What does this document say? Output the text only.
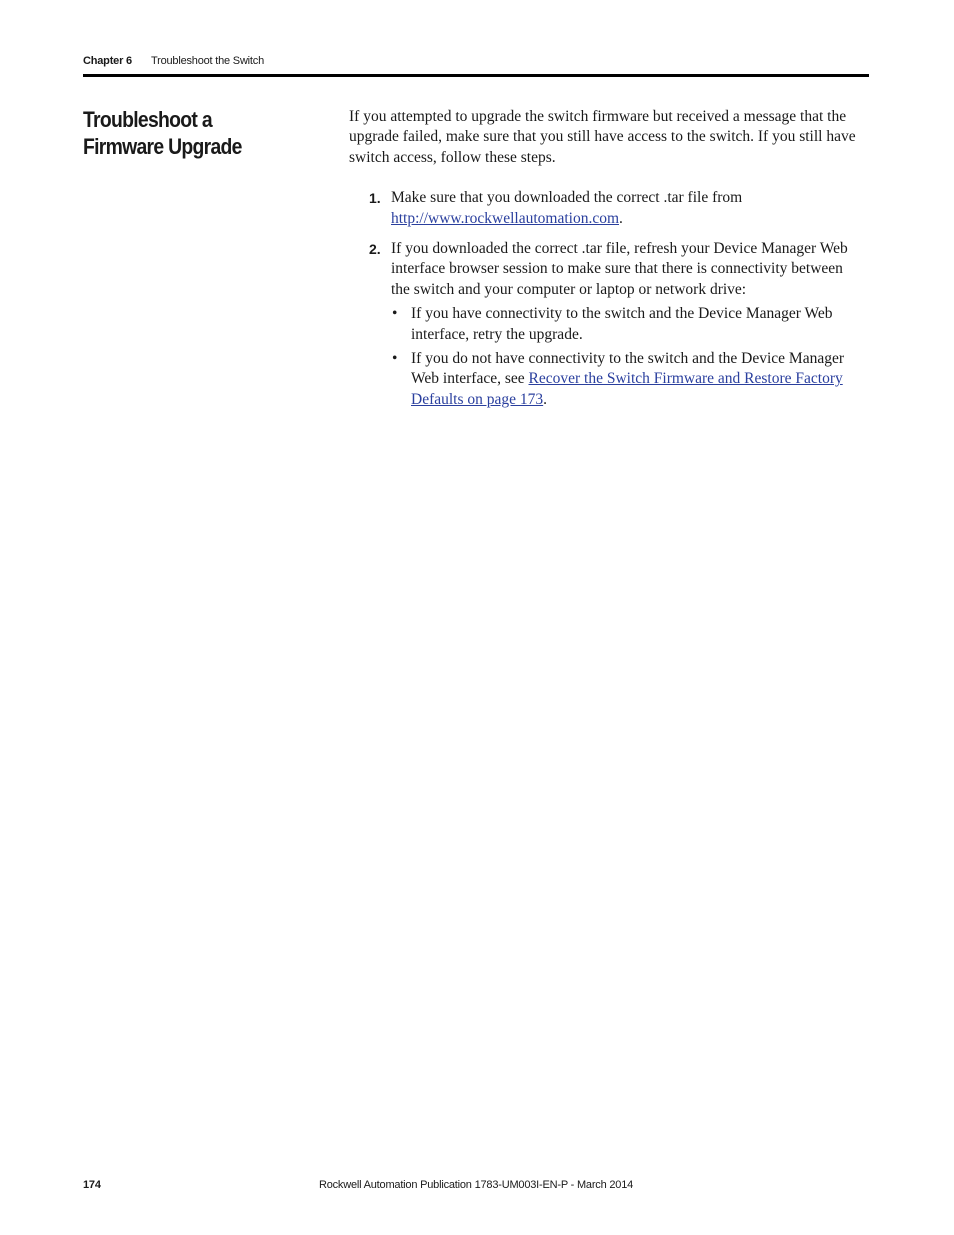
Chapter 6 Troubleshoot the Switch
Troubleshoot a
Firmware Upgrade

If you attempted to upgrade the switch firmware but received a message that the upgrade failed, make sure that you still have access to the switch. If you still have switch access, follow these steps.

1. Make sure that you downloaded the correct .tar file from http://www.rockwellautomation.com.
2. If you downloaded the correct .tar file, refresh your Device Manager Web interface browser session to make sure that there is connectivity between the switch and your computer or laptop or network drive:
• If you have connectivity to the switch and the Device Manager Web interface, retry the upgrade.
• If you do not have connectivity to the switch and the Device Manager Web interface, see Recover the Switch Firmware and Restore Factory Defaults on page 173.
Rockwell Automation Publication 1783-UM003I-EN-P - March 2014
174
